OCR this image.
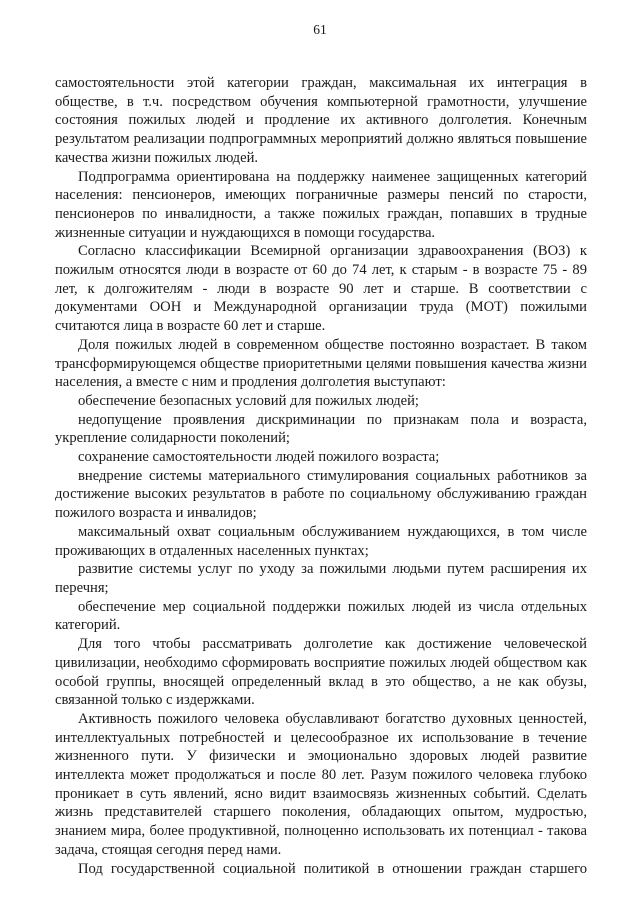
61

самостоятельности этой категории граждан, максимальная их интеграция в обществе, в т.ч. посредством обучения компьютерной грамотности, улучшение состояния пожилых людей и продление их активного долголетия. Конечным результатом реализации подпрограммных мероприятий должно являться повышение качества жизни пожилых людей.

Подпрограмма ориентирована на поддержку наименее защищенных категорий населения: пенсионеров, имеющих пограничные размеры пенсий по старости, пенсионеров по инвалидности, а также пожилых граждан, попавших в трудные жизненные ситуации и нуждающихся в помощи государства.

Согласно классификации Всемирной организации здравоохранения (ВОЗ) к пожилым относятся люди в возрасте от 60 до 74 лет, к старым - в возрасте 75 - 89 лет, к долгожителям - люди в возрасте 90 лет и старше. В соответствии с документами ООН и Международной организации труда (МОТ) пожилыми считаются лица в возрасте 60 лет и старше.

Доля пожилых людей в современном обществе постоянно возрастает. В таком трансформирующемся обществе приоритетными целями повышения качества жизни населения, а вместе с ним и продления долголетия выступают:

обеспечение безопасных условий для пожилых людей;

недопущение проявления дискриминации по признакам пола и возраста, укрепление солидарности поколений;

сохранение самостоятельности людей пожилого возраста;

внедрение системы материального стимулирования социальных работников за достижение высоких результатов в работе по социальному обслуживанию граждан пожилого возраста и инвалидов;

максимальный охват социальным обслуживанием нуждающихся, в том числе проживающих в отдаленных населенных пунктах;

развитие системы услуг по уходу за пожилыми людьми путем расширения их перечня;

обеспечение мер социальной поддержки пожилых людей из числа отдельных категорий.

Для того чтобы рассматривать долголетие как достижение человеческой цивилизации, необходимо сформировать восприятие пожилых людей обществом как особой группы, вносящей определенный вклад в это общество, а не как обузы, связанной только с издержками.

Активность пожилого человека обуславливают богатство духовных ценностей, интеллектуальных потребностей и целесообразное их использование в течение жизненного пути. У физически и эмоционально здоровых людей развитие интеллекта может продолжаться и после 80 лет. Разум пожилого человека глубоко проникает в суть явлений, ясно видит взаимосвязь жизненных событий. Сделать жизнь представителей старшего поколения, обладающих опытом, мудростью, знанием мира, более продуктивной, полноценно использовать их потенциал - такова задача, стоящая сегодня перед нами.

Под государственной социальной политикой в отношении граждан старшего
